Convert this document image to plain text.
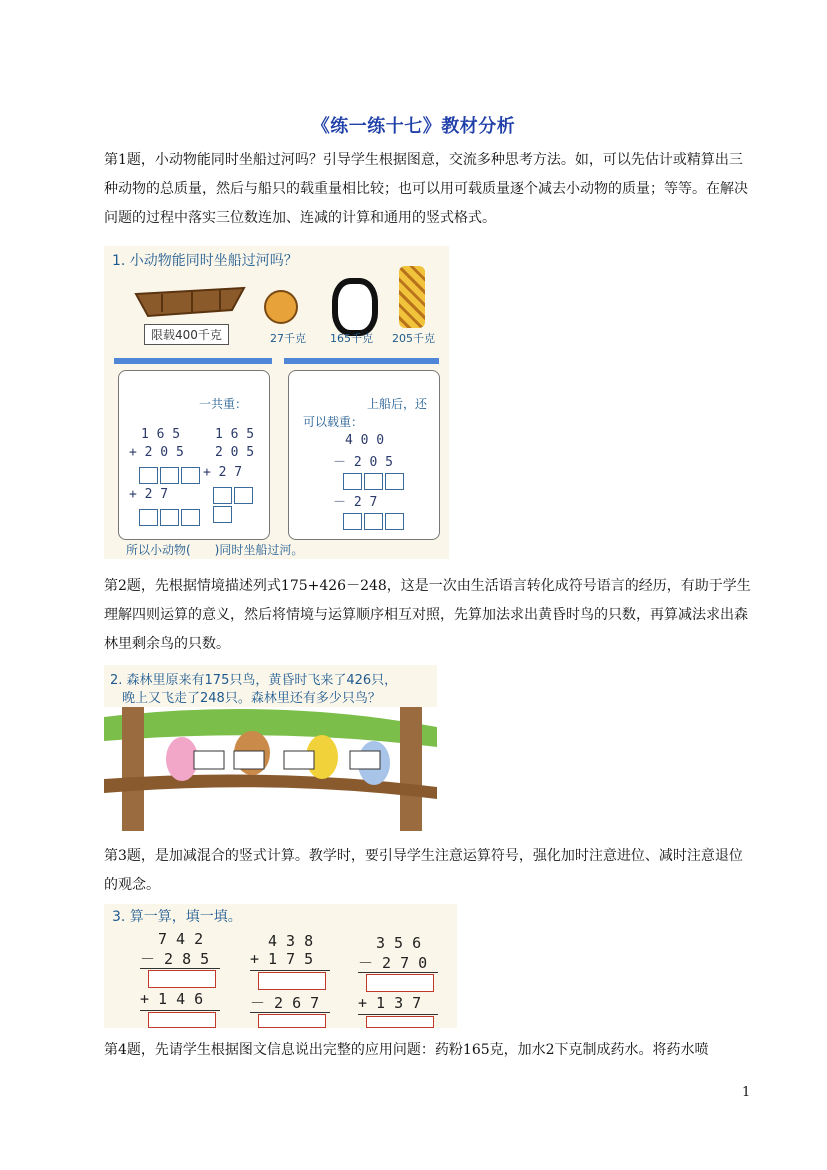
《练一练十七》教材分析
第1题，小动物能同时坐船过河吗？引导学生根据图意，交流多种思考方法。如，可以先估计或精算出三种动物的总质量，然后与船只的载重量相比较；也可以用可载质量逐个减去小动物的质量；等等。在解决问题的过程中落实三位数连加、连减的计算和通用的竖式格式。
1. 小动物能同时坐船过河吗？
限载400千克	27千克 165千克 205千克
一共重：
1 6 5
+ 2 0 5
+ 2 7
1 6 5
2 0 5
+ 2 7
上船后，还
可以载重：
4 0 0
－ 2 0 5
－ 2 7
所以小动物(　　)同时坐船过河。
第2题，先根据情境描述列式175+426－248，这是一次由生活语言转化成符号语言的经历，有助于学生理解四则运算的意义，然后将情境与运算顺序相互对照，先算加法求出黄昏时鸟的只数，再算减法求出森林里剩余鸟的只数。
2. 森林里原来有175只鸟，黄昏时飞来了426只，
晚上又飞走了248只。森林里还有多少只鸟？
第3题，是加减混合的竖式计算。教学时，要引导学生注意运算符号，强化加时注意进位、减时注意退位的观念。
3. 算一算，填一填。
7 4 2
－ 2 8 5
+ 1 4 6
4 3 8
+ 1 7 5
－ 2 6 7
3 5 6
－ 2 7 0
+ 1 3 7
第4题，先请学生根据图文信息说出完整的应用问题：药粉165克，加水2下克制成药水。将药水喷
1
